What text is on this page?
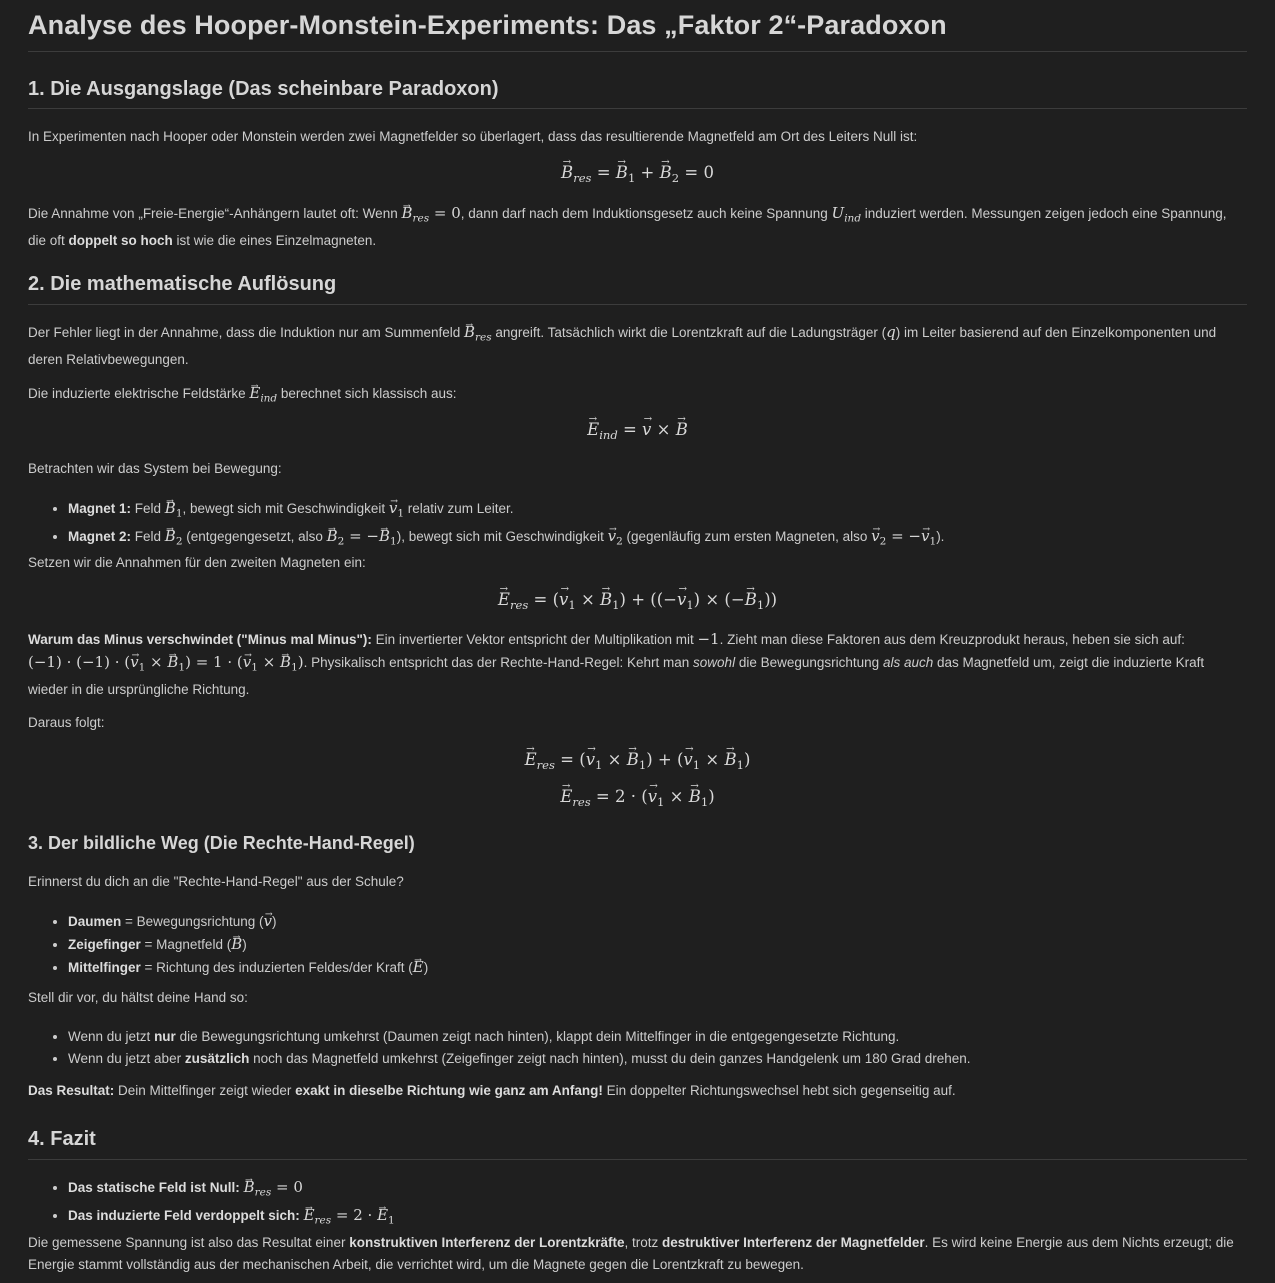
Analyse des Hooper-Monstein-Experiments: Das „Faktor 2“-Paradoxon
1. Die Ausgangslage (Das scheinbare Paradoxon)

In Experimenten nach Hooper oder Monstein werden zwei Magnetfelder so überlagert, dass das resultierende Magnetfeld am Ort des Leiters Null ist:

→ $B_{res}$ = → $B_1$ + → $B_2 = 0$

Die Annahme von „Freie-Energie“-Anhängern lautet oft: Wenn → $B_{res} = 0$, dann darf nach dem Induktionsgesetz auch keine Spannung $U_{ind}$ induziert werden. Messungen zeigen jedoch eine Spannung, die oft doppelt so hoch ist wie die eines Einzelmagneten.

2. Die mathematische Auflösung

Der Fehler liegt in der Annahme, dass die Induktion nur am Summenfeld → $B_{res}$ angreift. Tatsächlich wirkt die Lorentzkraft auf die Ladungsträger (q) im Leiter basierend auf den Einzelkomponenten und deren Relativbewegungen.

Die induzierte elektrische Feldstärke → $E_{ind}$ berechnet sich klassisch aus:

→ $E_{ind}$ = → v × → B

Betrachten wir das System bei Bewegung:

• Magnet 1: Feld → $B_1$, bewegt sich mit Geschwindigkeit → $v_1$ relativ zum Leiter.
• Magnet 2: Feld → $B_2$ (entgegengesetzt, also → $B_2$ = −→ $B_1$), bewegt sich mit Geschwindigkeit → $v_2$ (gegenläufig zum ersten Magneten, also → $v_2$ = −→ $v_1$).

Setzen wir die Annahmen für den zweiten Magneten ein:

→ $E_{res}$ = (→ $v_1$ × → $B_1$) + ((−→ $v_1$) × (−→ $B_1$))

Warum das Minus verschwindet ("Minus mal Minus"): Ein invertierter Vektor entspricht der Multiplikation mit −1. Zieht man diese Faktoren aus dem Kreuzprodukt heraus, heben sie sich auf: (−1) · (−1) · (→ $v_1$ × → $B_1) = 1$ · (→ $v_1$ × → $B_1$). Physikalisch entspricht das der Rechte-Hand-Regel: Kehrt man sowohl die Bewegungsrichtung als auch das Magnetfeld um, zeigt die induzierte Kraft wieder in die ursprüngliche Richtung.

Daraus folgt:

→ $E_{res}$ = (→ $v_1$ × → $B_1$) + (→ $v_1$ × → $B_1$)
→ $E_{res} = 2$ · (→ $v_1$ × → $B_1$)
3. Der bildliche Weg (Die Rechte-Hand-Regel)

Erinnerst du dich an die "Rechte-Hand-Regel" aus der Schule?

• Daumen = Bewegungsrichtung (→ v)
• Zeigefinger = Magnetfeld (→ B)
• Mittelfinger = Richtung des induzierten Feldes/der Kraft (→ E)

Stell dir vor, du hältst deine Hand so:

• Wenn du jetzt nur die Bewegungsrichtung umkehrst (Daumen zeigt nach hinten), klappt dein Mittelfinger in die entgegengesetzte Richtung.
• Wenn du jetzt aber zusätzlich noch das Magnetfeld umkehrst (Zeigefinger zeigt nach hinten), musst du dein ganzes Handgelenk um 180 Grad drehen.

Das Resultat: Dein Mittelfinger zeigt wieder exakt in dieselbe Richtung wie ganz am Anfang! Ein doppelter Richtungswechsel hebt sich gegenseitig auf.

4. Fazit
• Das statische Feld ist Null: → $B_{res} = 0$
• Das induzierte Feld verdoppelt sich: → $E_{res} = 2$ · → $E_1$

Die gemessene Spannung ist also das Resultat einer konstruktiven Interferenz der Lorentzkräfte, trotz destruktiver Interferenz der Magnetfelder. Es wird keine Energie aus dem Nichts erzeugt; die Energie stammt vollständig aus der mechanischen Arbeit, die verrichtet wird, um die Magnete gegen die Lorentzkraft zu bewegen.
